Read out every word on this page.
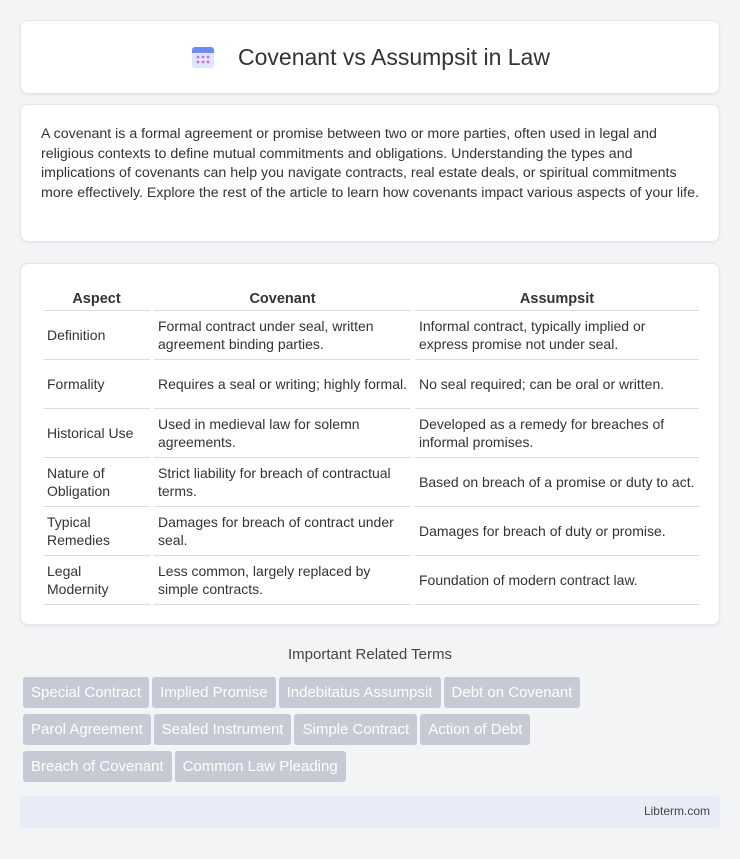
Covenant vs Assumpsit in Law

A covenant is a formal agreement or promise between two or more parties, often used in legal and religious contexts to define mutual commitments and obligations. Understanding the types and implications of covenants can help you navigate contracts, real estate deals, or spiritual commitments more effectively. Explore the rest of the article to learn how covenants impact various aspects of your life.

Aspect	Covenant	Assumpsit
Definition	Formal contract under seal, written agreement binding parties.	Informal contract, typically implied or express promise not under seal.
Formality	Requires a seal or writing; highly formal.	No seal required; can be oral or written.
Historical Use	Used in medieval law for solemn agreements.	Developed as a remedy for breaches of informal promises.
Nature of Obligation	Strict liability for breach of contractual terms.	Based on breach of a promise or duty to act.
Typical Remedies	Damages for breach of contract under seal.	Damages for breach of duty or promise.
Legal Modernity	Less common, largely replaced by simple contracts.	Foundation of modern contract law.
Important Related Terms
Special Contract Implied Promise Indebitatus Assumpsit Debt on Covenant
Parol Agreement Sealed Instrument Simple Contract Action of Debt
Breach of Covenant Common Law Pleading
Libterm.com
